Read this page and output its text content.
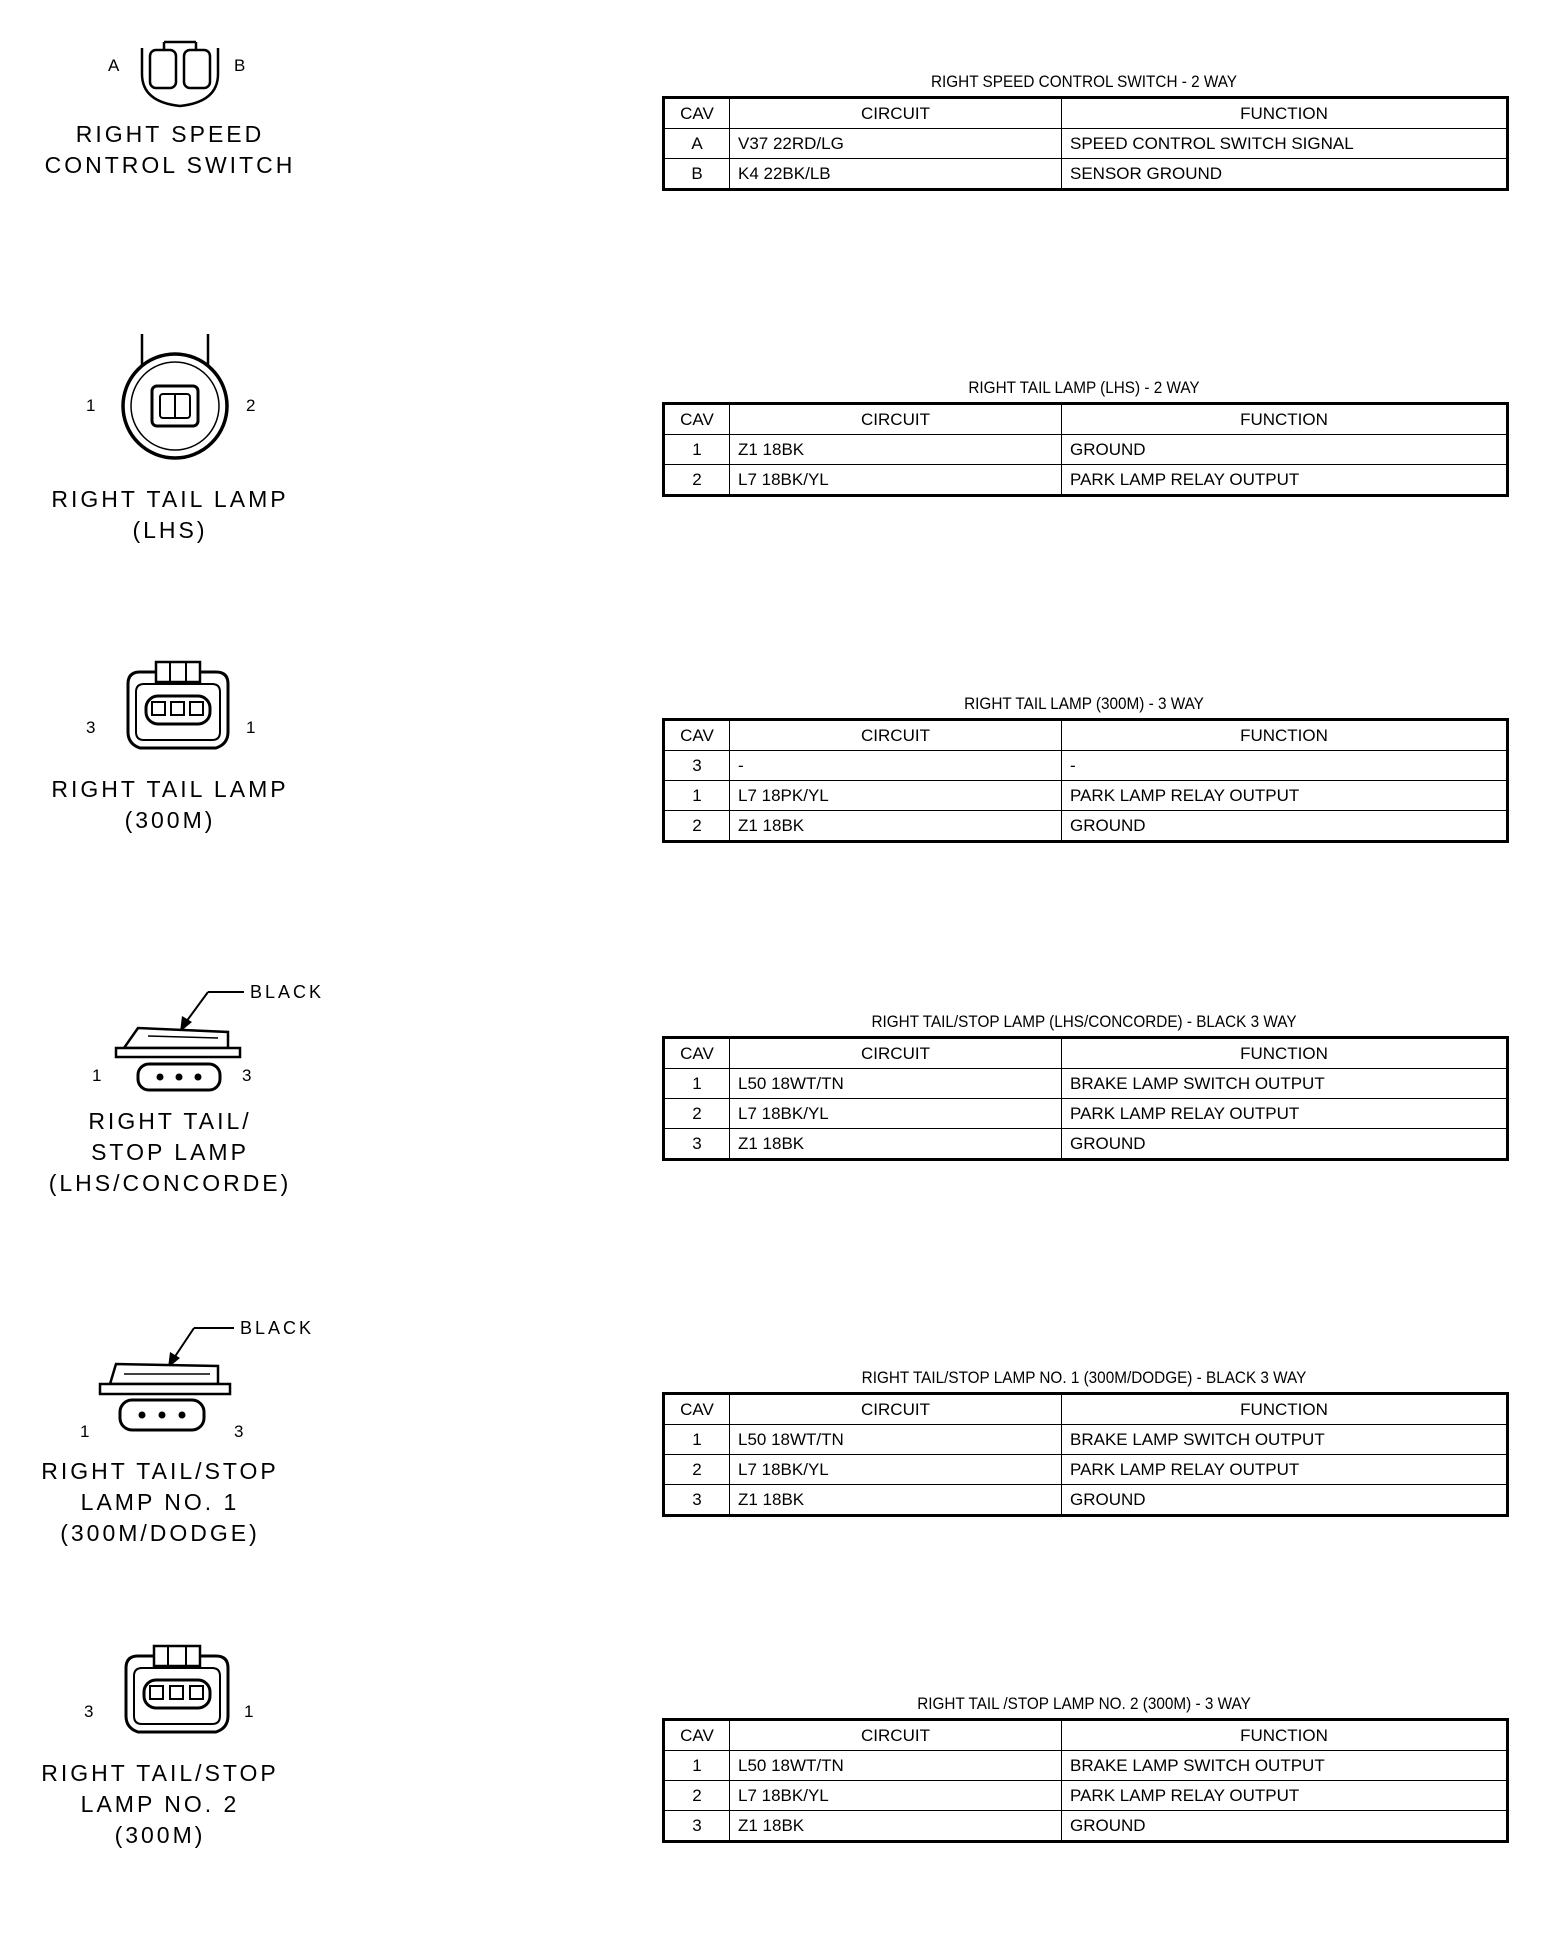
A	B
RIGHT SPEED
CONTROL SWITCH
RIGHT SPEED CONTROL SWITCH - 2 WAY
CAV	CIRCUIT	FUNCTION
A	V37 22RD/LG	SPEED CONTROL SWITCH SIGNAL
B	K4 22BK/LB	SENSOR GROUND
1	2
RIGHT TAIL LAMP
(LHS)
RIGHT TAIL LAMP (LHS) - 2 WAY
CAV	CIRCUIT	FUNCTION
1	Z1 18BK	GROUND
2	L7 18BK/YL	PARK LAMP RELAY OUTPUT
3	1
RIGHT TAIL LAMP
(300M)
RIGHT TAIL LAMP (300M) - 3 WAY
CAV	CIRCUIT	FUNCTION
3	-	-
1	L7 18PK/YL	PARK LAMP RELAY OUTPUT
2	Z1 18BK	GROUND
BLACK
1	3
RIGHT TAIL/
STOP LAMP
(LHS/CONCORDE)
RIGHT TAIL/STOP LAMP (LHS/CONCORDE) - BLACK 3 WAY
CAV	CIRCUIT	FUNCTION
1	L50 18WT/TN	BRAKE LAMP SWITCH OUTPUT
2	L7 18BK/YL	PARK LAMP RELAY OUTPUT
3	Z1 18BK	GROUND
BLACK
1	3
RIGHT TAIL/STOP
LAMP NO. 1
(300M/DODGE)
RIGHT TAIL/STOP LAMP NO. 1 (300M/DODGE) - BLACK 3 WAY
CAV	CIRCUIT	FUNCTION
1	L50 18WT/TN	BRAKE LAMP SWITCH OUTPUT
2	L7 18BK/YL	PARK LAMP RELAY OUTPUT
3	Z1 18BK	GROUND
3	1
RIGHT TAIL/STOP
LAMP NO. 2
(300M)
RIGHT TAIL /STOP LAMP NO. 2 (300M) - 3 WAY
CAV	CIRCUIT	FUNCTION
1	L50 18WT/TN	BRAKE LAMP SWITCH OUTPUT
2	L7 18BK/YL	PARK LAMP RELAY OUTPUT
3	Z1 18BK	GROUND
